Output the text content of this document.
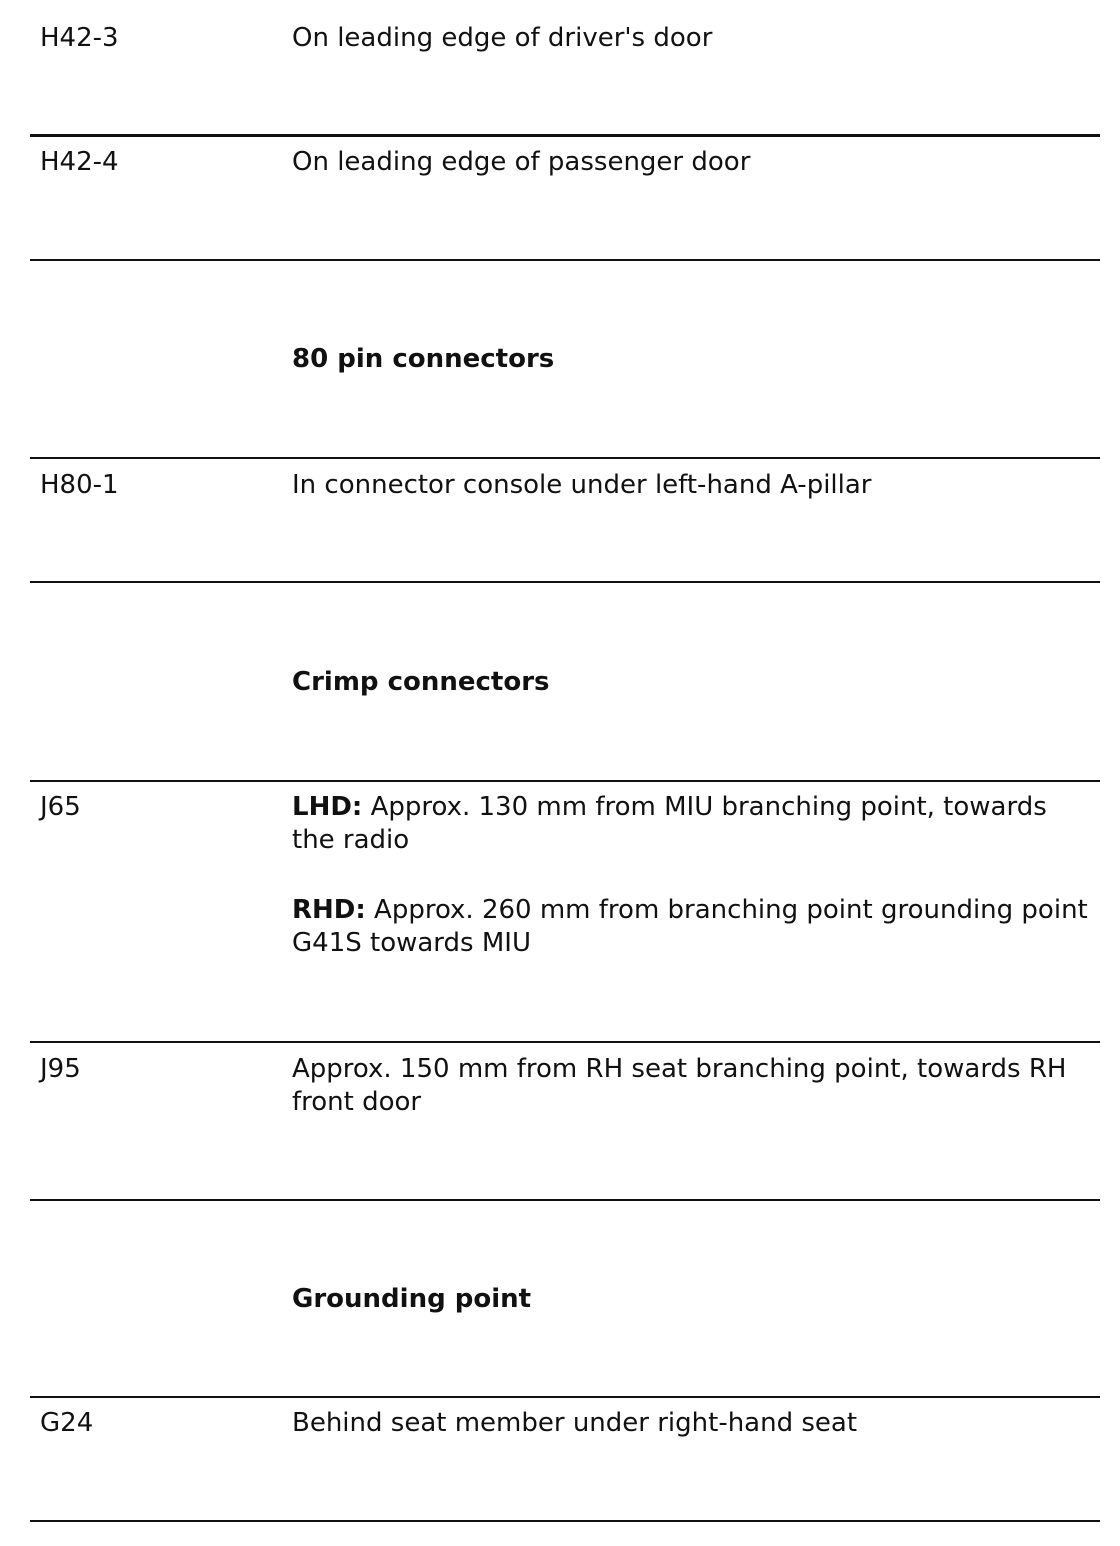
H42-3	On leading edge of driver's door

H42-4	On leading edge of passenger door

80 pin connectors
H80-1	In connector console under left-hand A-pillar

Crimp connectors
J65	LHD: Approx. 130 mm from MIU branching point, towards the radio

RHD: Approx. 260 mm from branching point grounding point G41S towards MIU

J95	Approx. 150 mm from RH seat branching point, towards RH front door

Grounding point
G24	Behind seat member under right-hand seat
